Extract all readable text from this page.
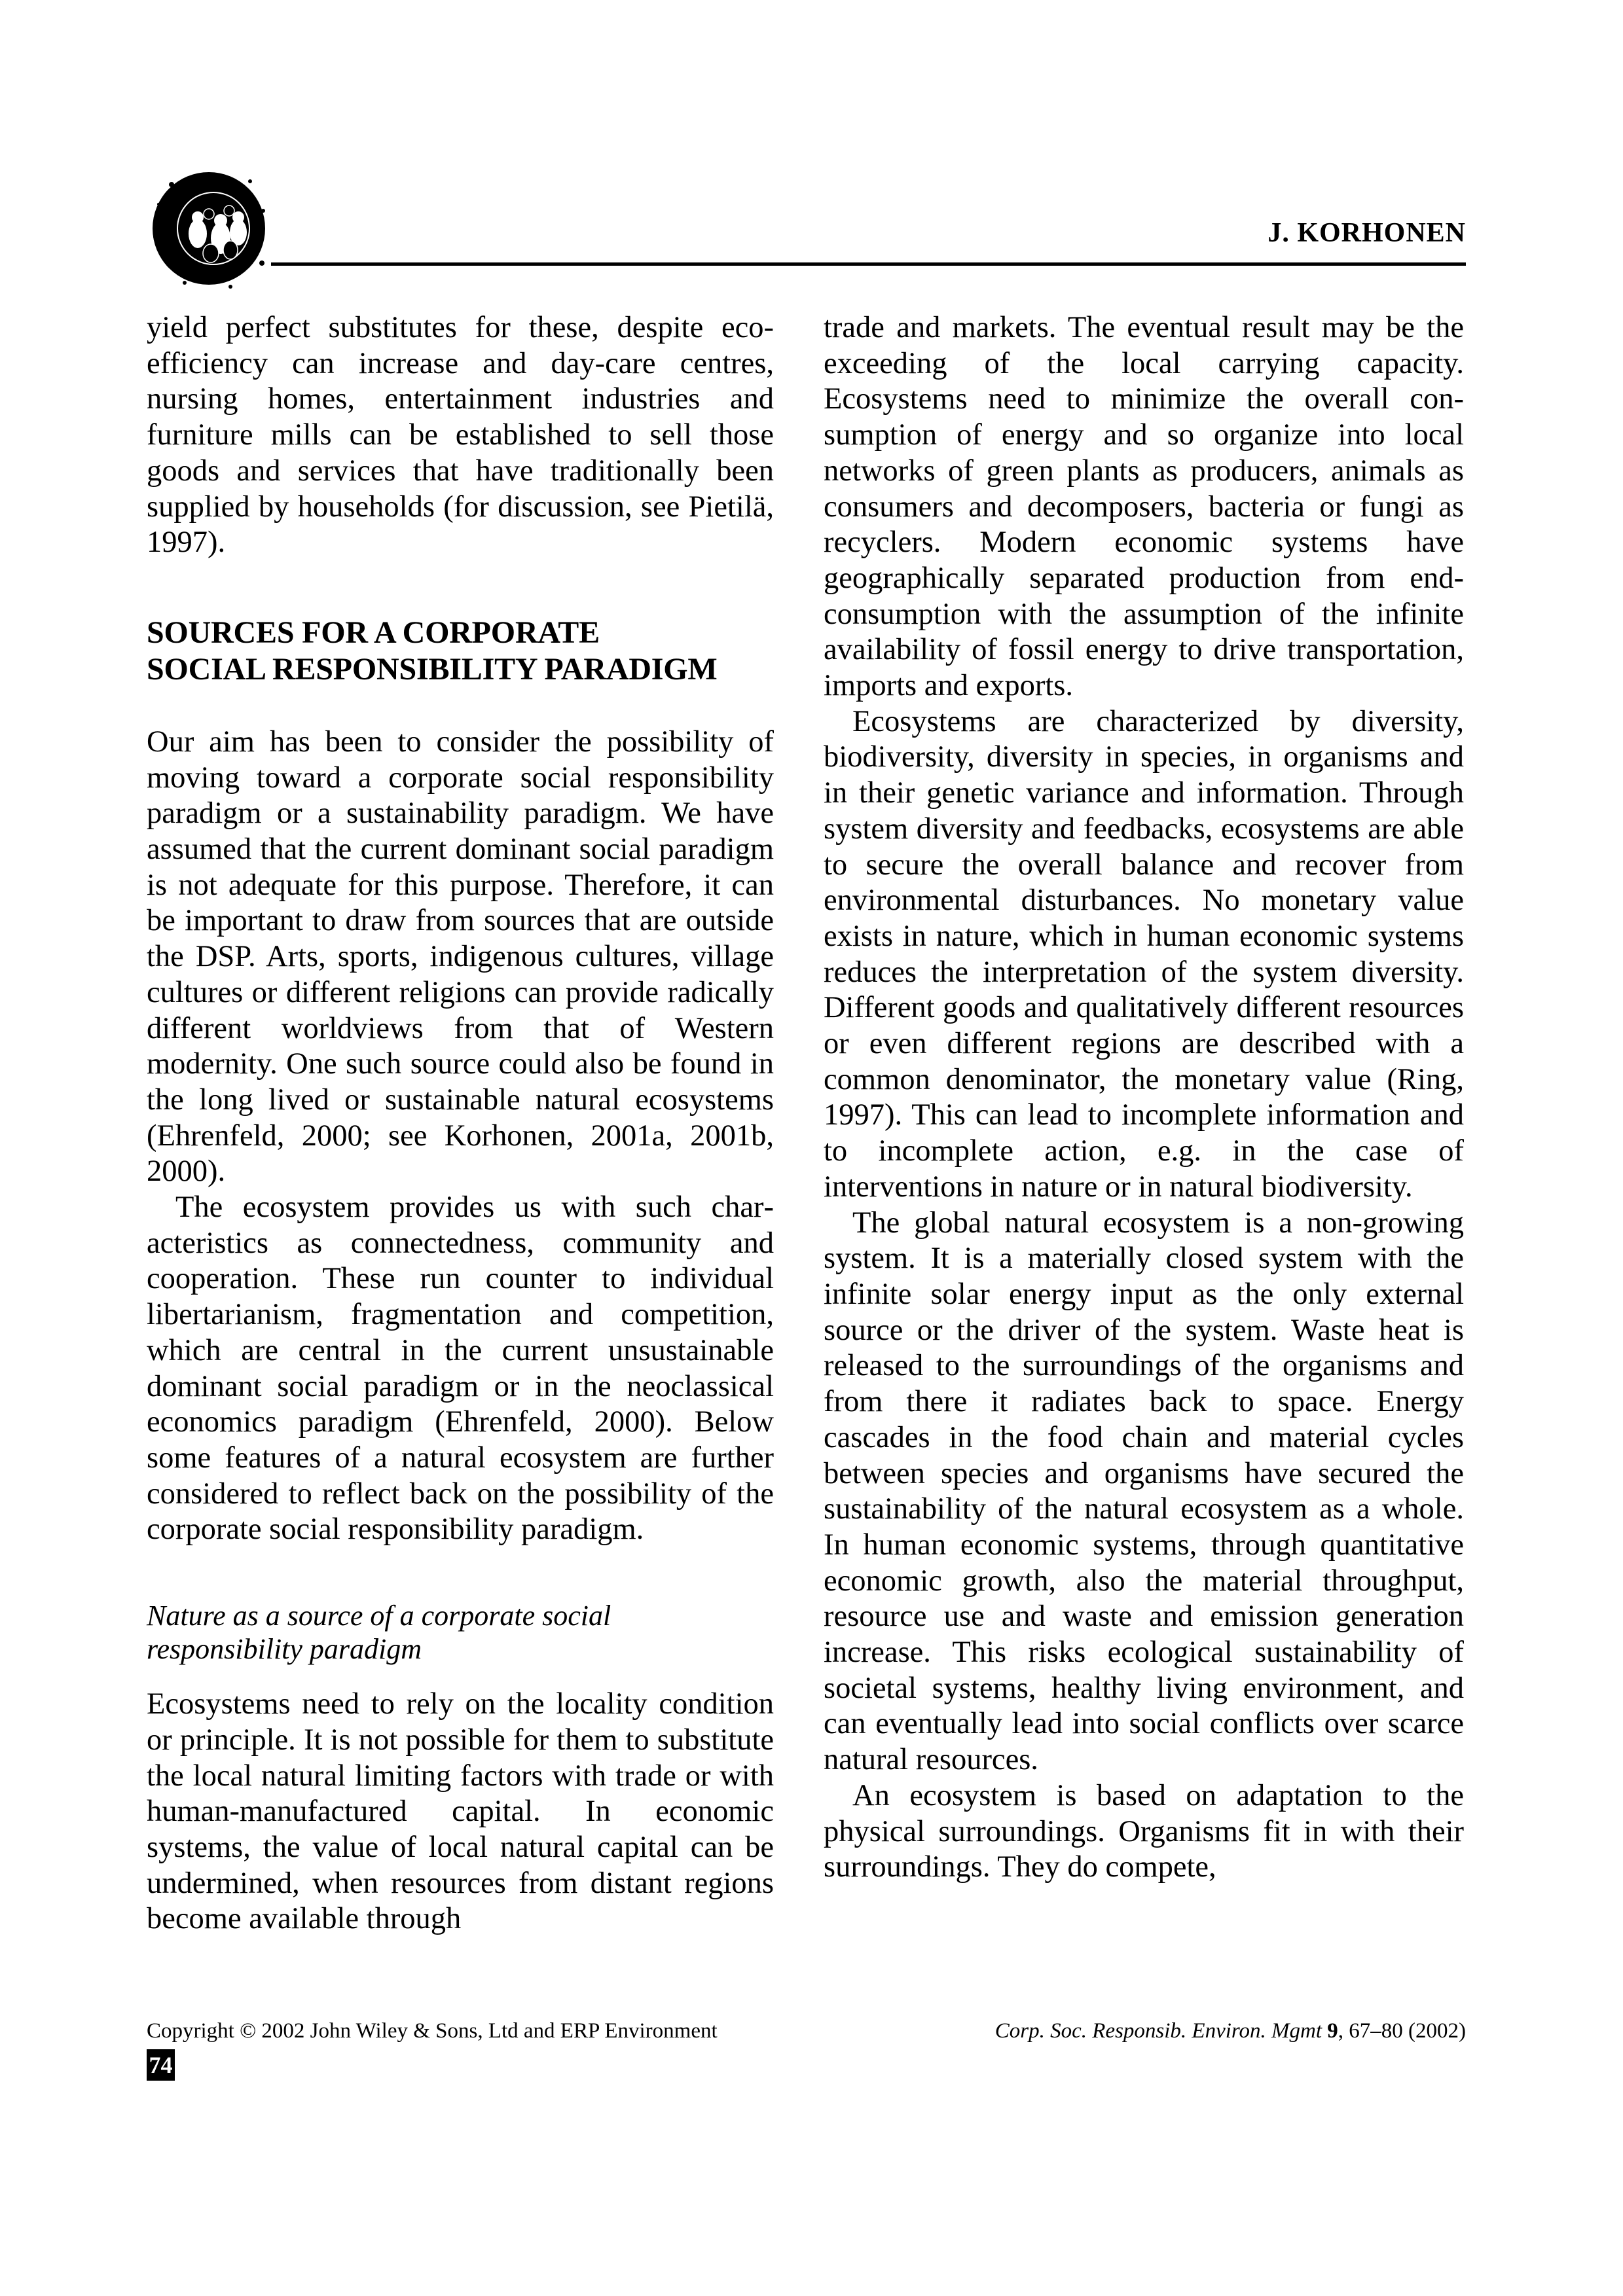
J. KORHONEN

yield perfect substitutes for these, despite eco-efficiency can increase and day-care centres, nursing homes, entertainment industries and furniture mills can be established to sell those goods and services that have traditionally been supplied by households (for discussion, see Pietilä, 1997).

SOURCES FOR A CORPORATE
SOCIAL RESPONSIBILITY PARADIGM

Our aim has been to consider the possibility of moving toward a corporate social responsibility paradigm or a sustainability paradigm. We have assumed that the current dominant social paradigm is not adequate for this purpose. Therefore, it can be important to draw from sources that are outside the DSP. Arts, sports, indigenous cultures, village cultures or different religions can provide radically different worldviews from that of Western modernity. One such source could also be found in the long lived or sustainable natural ecosystems (Ehrenfeld, 2000; see Korhonen, 2001a, 2001b, 2000).

The ecosystem provides us with such characteristics as connectedness, community and cooperation. These run counter to individual libertarianism, fragmentation and competition, which are central in the current unsustainable dominant social paradigm or in the neoclassical economics paradigm (Ehrenfeld, 2000). Below some features of a natural ecosystem are further considered to reflect back on the possibility of the corporate social responsibility paradigm.

Nature as a source of a corporate social
responsibility paradigm

Ecosystems need to rely on the locality condition or principle. It is not possible for them to substitute the local natural limiting factors with trade or with human-manufactured capital. In economic systems, the value of local natural capital can be undermined, when resources from distant regions become available through

trade and markets. The eventual result may be the exceeding of the local carrying capacity. Ecosystems need to minimize the overall consumption of energy and so organize into local networks of green plants as producers, animals as consumers and decomposers, bacteria or fungi as recyclers. Modern economic systems have geographically separated production from end-consumption with the assumption of the infinite availability of fossil energy to drive transportation, imports and exports.

Ecosystems are characterized by diversity, biodiversity, diversity in species, in organisms and in their genetic variance and information. Through system diversity and feedbacks, ecosystems are able to secure the overall balance and recover from environmental disturbances. No monetary value exists in nature, which in human economic systems reduces the interpretation of the system diversity. Different goods and qualitatively different resources or even different regions are described with a common denominator, the monetary value (Ring, 1997). This can lead to incomplete information and to incomplete action, e.g. in the case of interventions in nature or in natural biodiversity.

The global natural ecosystem is a non-growing system. It is a materially closed system with the infinite solar energy input as the only external source or the driver of the system. Waste heat is released to the surroundings of the organisms and from there it radiates back to space. Energy cascades in the food chain and material cycles between species and organisms have secured the sustainability of the natural ecosystem as a whole. In human economic systems, through quantitative economic growth, also the material throughput, resource use and waste and emission generation increase. This risks ecological sustainability of societal systems, healthy living environment, and can eventually lead into social conflicts over scarce natural resources.

An ecosystem is based on adaptation to the physical surroundings. Organisms fit in with their surroundings. They do compete,

Copyright © 2002 John Wiley & Sons, Ltd and ERP Environment	Corp. Soc. Responsib. Environ. Mgmt 9, 67–80 (2002)
74
